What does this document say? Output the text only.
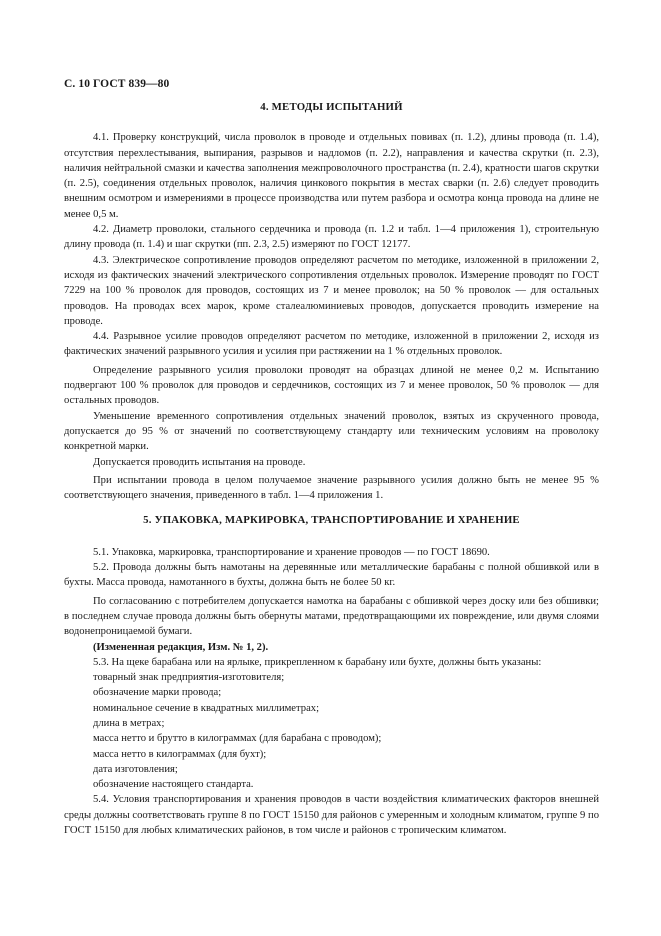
С. 10 ГОСТ 839—80
4. МЕТОДЫ ИСПЫТАНИЙ

4.1. Проверку конструкций, числа проволок в проводе и отдельных повивах (п. 1.2), длины провода (п. 1.4), отсутствия перехлестывания, выпирания, разрывов и надломов (п. 2.2), направления и качества скрутки (п. 2.3), наличия нейтральной смазки и качества заполнения межпроволочного пространства (п. 2.4), кратности шагов скрутки (п. 2.5), соединения отдельных проволок, наличия цинкового покрытия в местах сварки (п. 2.6) следует проводить внешним осмотром и измерениями в процессе производства или путем разбора и осмотра конца провода на длине не менее 0,5 м.

4.2. Диаметр проволоки, стального сердечника и провода (п. 1.2 и табл. 1—4 приложения 1), строительную длину провода (п. 1.4) и шаг скрутки (пп. 2.3, 2.5) измеряют по ГОСТ 12177.

4.3. Электрическое сопротивление проводов определяют расчетом по методике, изложенной в приложении 2, исходя из фактических значений электрического сопротивления отдельных проволок. Измерение проводят по ГОСТ 7229 на 100 % проволок для проводов, состоящих из 7 и менее проволок; на 50 % проволок — для остальных проводов. На проводах всех марок, кроме сталеалюминиевых проводов, допускается проводить измерение на проводе.

4.4. Разрывное усилие проводов определяют расчетом по методике, изложенной в приложении 2, исходя из фактических значений разрывного усилия и усилия при растяжении на 1 % отдельных проволок.

Определение разрывного усилия проволоки проводят на образцах длиной не менее 0,2 м. Испытанию подвергают 100 % проволок для проводов и сердечников, состоящих из 7 и менее проволок, 50 % проволок — для остальных проводов.

Уменьшение временного сопротивления отдельных значений проволок, взятых из скрученного провода, допускается до 95 % от значений по соответствующему стандарту или техническим условиям на проволоку конкретной марки.

Допускается проводить испытания на проводе.

При испытании провода в целом получаемое значение разрывного усилия должно быть не менее 95 % соответствующего значения, приведенного в табл. 1—4 приложения 1.

5. УПАКОВКА, МАРКИРОВКА, ТРАНСПОРТИРОВАНИЕ И ХРАНЕНИЕ

5.1. Упаковка, маркировка, транспортирование и хранение проводов — по ГОСТ 18690.

5.2. Провода должны быть намотаны на деревянные или металлические барабаны с полной обшивкой или в бухты. Масса провода, намотанного в бухты, должна быть не более 50 кг.

По согласованию с потребителем допускается намотка на барабаны с обшивкой через доску или без обшивки; в последнем случае провода должны быть обернуты матами, предотвращающими их повреждение, или двумя слоями водонепроницаемой бумаги.

(Измененная редакция, Изм. № 1, 2).

5.3. На щеке барабана или на ярлыке, прикрепленном к барабану или бухте, должны быть указаны:

товарный знак предприятия-изготовителя;
обозначение марки провода;
номинальное сечение в квадратных миллиметрах;
длина в метрах;
масса нетто и брутто в килограммах (для барабана с проводом);
масса нетто в килограммах (для бухт);
дата изготовления;
обозначение настоящего стандарта.

5.4. Условия транспортирования и хранения проводов в части воздействия климатических факторов внешней среды должны соответствовать группе 8 по ГОСТ 15150 для районов с умеренным и холодным климатом, группе 9 по ГОСТ 15150 для любых климатических районов, в том числе и районов с тропическим климатом.
